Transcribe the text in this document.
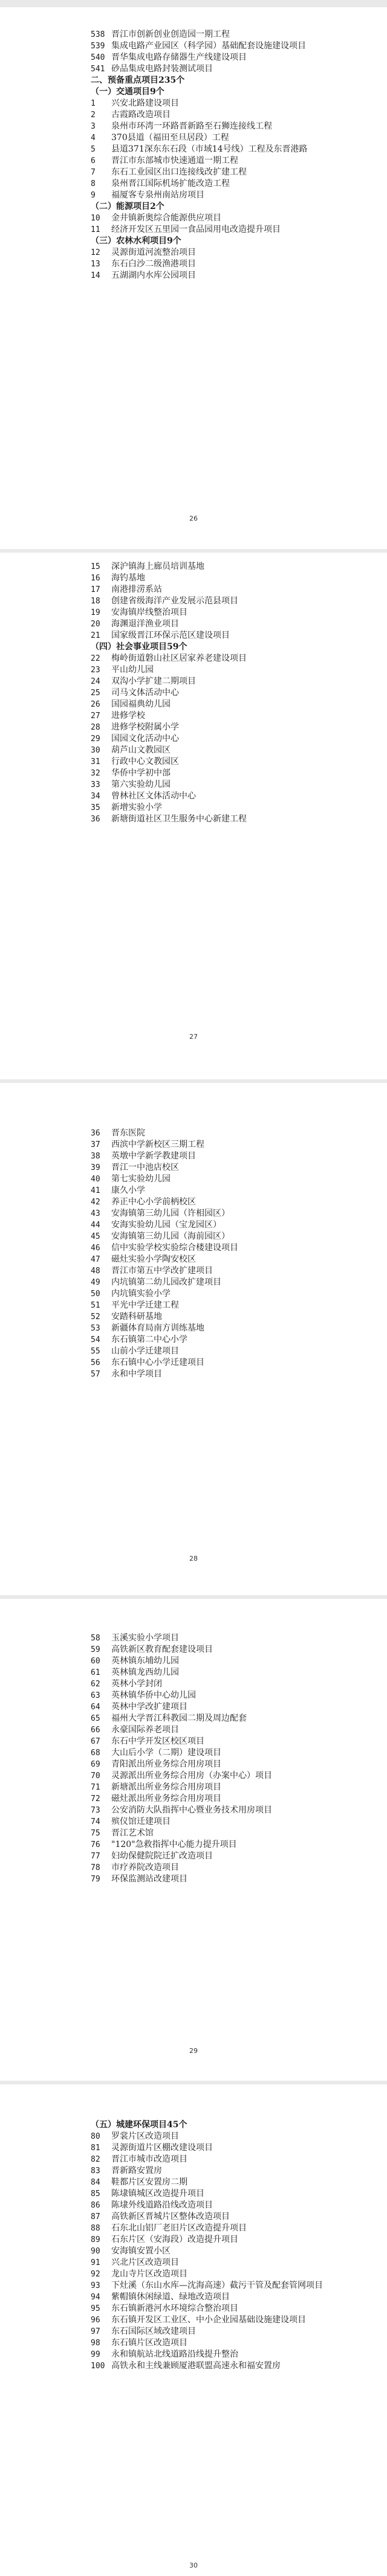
538 晋江市创新创业创造园一期工程
539 集成电路产业园区（科学园）基础配套设施建设项目
540 晋华集成电路存储器生产线建设项目
541 砂品集成电路封装测试项目
二、预备重点项目235个
（一）交通项目9个
1	兴安北路建设项目
2	古霞路改造项目
3	泉州市环湾一环路晋新路至石狮连接线工程
4	370县道（福田至旦居段）工程
5	县道371深东东石段（市域14号线）工程及东晋港路
6	晋江市东部城市快速通道一期工程
7	东石工业园区出口连接线改扩建工程
8	泉州晋江国际机场扩能改造工程
9	福厦客专泉州南站房项目
（二）能源项目2个
10	金井镇新奥综合能源供应项目
11	经济开发区五里园一食品园用电改造提升项目
（三）农林水利项目9个
12	灵源街道河流整治项目
13	东石白沙二级渔港项目
14	五湖湖内水库公园项目
26
15	深沪镇海上廊员培训基地
16	海钓基地
17	南港排涝系站
18	创建省级海洋产业发展示范县项目
19	安海镇岸线整治项目
20	海渊退洋渔业项目
21	国家级晋江环保示范区建设项目
（四）社会事业项目59个
22	梅岭街道磐山社区居家养老建设项目
23	平山幼儿园
24	双沟小学扩建二期项目
25	司马文体活动中心
26	国园福典幼儿园
27	进修学校
28	进修学校附属小学
29	国园文化活动中心
30	葫芦山文教园区
31	行政中心文教园区
32	华侨中学初中部
33	第六实验幼儿园
34	曾林社区文体活动中心
35	新增实验小学
36	新塘街道社区卫生服务中心新建工程
27
36	晋东医院
37	西滨中学新校区三期工程
38	英墩中学新学教建项目
39	晋江一中池店校区
40	第七实验幼儿园
41	康久小学
42	养正中心小学前柄校区
43	安海镇第三幼儿园（许相园区）
44	安海实验幼儿园（宝龙园区）
45	安海镇第三幼儿园（海前园区）
46	信中实验学校实验综合楼建设项目
47	磁灶实验小学陶安校区
48	晋江市第五中学改扩建项目
49	内坑镇第二幼儿园改扩建项目
50	内坑镇实验小学
51	平光中学迁建工程
52	安踏科研基地
53	新疆体育局南方训练基地
54	东石镇第二中心小学
55	山前小学迁建项目
56	东石镇中心小学迁建项目
57	永和中学项目
28
58	玉溪实验小学项目
59	高铁新区教育配套建设项目
60	英林镇东埔幼儿园
61	英林镇龙西幼儿园
62	英林小学封闭
63	英林镇华侨中心幼儿园
64	英林中学改扩建项目
65	福州大学晋江科教园二期及周边配套
66	永豪国际养老项目
67	东石中学开发区校区项目
68	大山后小学（二期）建设项目
69	青阳派出所业务综合用房项目
70	灵源派出所业务综合用房（办案中心）项目
71	新塘派出所业务综合用房项目
72	磁灶派出所业务综合用房项目
73	公安消防大队指挥中心暨业务技术用房项目
74	殡仪馆迁建项目
75	晋江艺术馆
76	"120"急救指挥中心能力提升项目
77	妇幼保健院院迁扩改造项目
78	市疗养院改造项目
79	环保监测站改建项目
29
（五）城建环保项目45个
80	罗裳片区改造项目
81	灵源街道片区棚改建设项目
82	晋江市城市改造项目
83	晋新路安置房
84	鞋都片区安置房二期
85	陈埭镇城区改造提升项目
86	陈埭外线道路沿线改造项目
87	高铁新区晋城片区整体改造项目
88	石东北山铝厂老旧片区改造提升项目
89	石东片区（安海段）改造提升项目
90	安海镇安置小区
91	兴北片区改造项目
92	龙山寺片区改造项目
93	下灶溪（东山水库—沈海高速）截污干管及配套管网项目
94	紫帽镇休闲绿道、绿地改造项目
95	东石镇新港河水环境综合整治项目
96	东石镇开发区工业区、中小企业园基础设施建设项目
97	东石国际区域改建项目
98	东石镇片区改造项目
99	永和镇航站北线道路沿线提升整治
100 高铁永和主线兼顾厦港联盟高速永和福安置房
30
